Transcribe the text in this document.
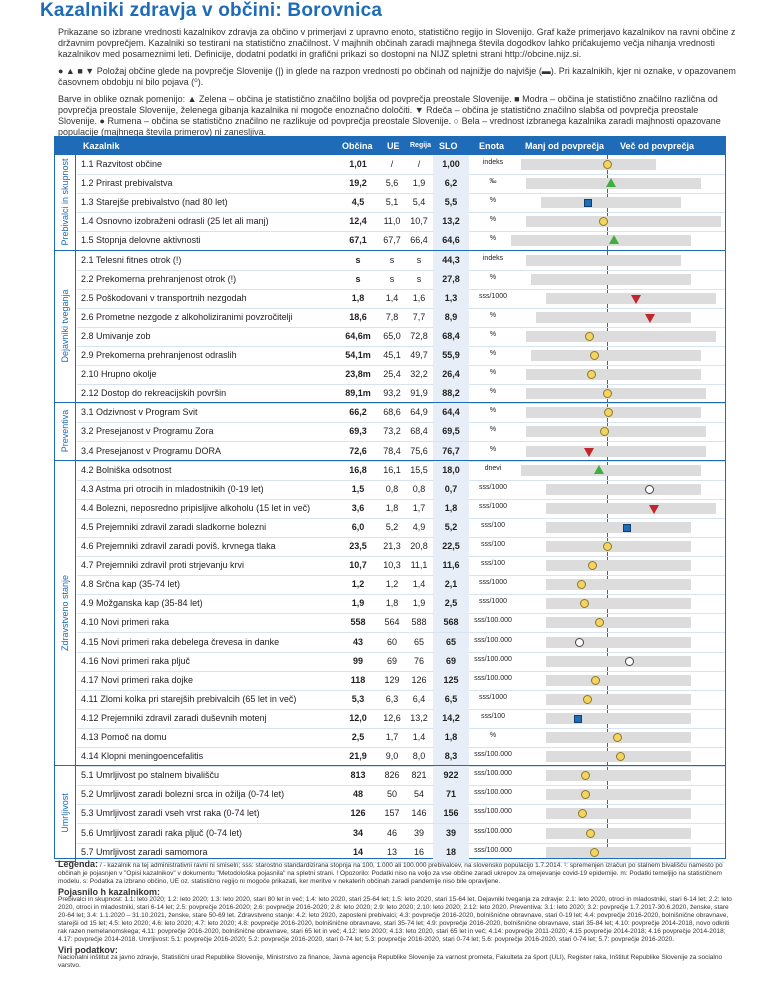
Kazalniki zdravja v občini: Borovnica

Prikazane so izbrane vrednosti kazalnikov zdravja za občino v primerjavi z upravno enoto, statistično regijo in Slovenijo. Graf kaže primerjavo kazalnikov na ravni občine z državnim povprečjem. Kazalniki so testirani na statistično značilnost. V majhnih občinah zaradi majhnega števila dogodkov lahko pričakujemo večja nihanja vrednosti kazalnikov med posameznimi leti. Definicije, dodatni podatki in grafični prikazi so dostopni na NIJZ spletni strani http://obcine.nijz.si.

● ▲ ■ ▼ Položaj občine glede na povprečje Slovenije (|) in glede na razpon vrednosti po občinah od najnižje do najvišje (▬). Pri kazalnikih, kjer ni oznake, v opazovanem časovnem obdobju ni bilo pojava (⁰).

Barve in oblike oznak pomenijo: ▲ Zelena – občina je statistično značilno boljša od povprečja preostale Slovenije. ■ Modra – občina je statistično značilno različna od povprečja preostale Slovenije, želenega gibanja kazalnika ni mogoče enoznačno določiti. ▼ Rdeča – občina je statistično značilno slabša od povprečja preostale Slovenije. ● Rumena – občina se statistično značilno ne razlikuje od povprečja preostale Slovenije. ○ Bela – vrednost izbranega kazalnika zaradi majhnosti opazovane populacije (majhnega števila primerov) ni zanesljiva.

Kazalnik	Občina UE Regija SLO Enota Manj od povprečja Več od povprečja
1.1 Razvitost občine	1,01	/	/	1,00	indeks
1.2 Prirast prebivalstva	19,2	5,6	1,9	6,2	‰
1.3 Starejše prebivalstvo (nad 80 let)	4,5	5,1	5,4	5,5	%
1.4 Osnovno izobraženi odrasli (25 let ali manj)	12,4	11,0	10,7	13,2	%
1.5 Stopnja delovne aktivnosti	67,1	67,7	66,4	64,6	%
Prebivalci in skupnost
2.1 Telesni fitnes otrok (!)	s	s	s	44,3	indeks
2.2 Prekomerna prehranjenost otrok (!)	s	s	s	27,8	%
2.5 Poškodovani v transportnih nezgodah	1,8	1,4	1,6	1,3	sss/1000
2.6 Prometne nezgode z alkoholiziranimi povzročitelji	18,6	7,8	7,7	8,9	%
2.8 Umivanje zob	64,6m	65,0	72,8	68,4	%
2.9 Prekomerna prehranjenost odraslih	54,1m	45,1	49,7	55,9	%
2.10 Hrupno okolje	23,8m	25,4	32,2	26,4	%
2.12 Dostop do rekreacijskih površin	89,1m	93,2	91,9	88,2	%
Dejavniki tveganja
3.1 Odzivnost v Program Svit	66,2	68,6	64,9	64,4	%
3.2 Presejanost v Programu Zora	69,3	73,2	68,4	69,5	%
3.4 Presejanost v Programu DORA	72,6	78,4	75,6	76,7	%
Preventiva
4.2 Bolniška odsotnost	16,8	16,1	15,5	18,0	dnevi
4.3 Astma pri otrocih in mladostnikih (0-19 let)	1,5	0,8	0,8	0,7	sss/1000
4.4 Bolezni, neposredno pripisljive alkoholu (15 let in več)	3,6	1,8	1,7	1,8	sss/1000
4.5 Prejemniki zdravil zaradi sladkorne bolezni	6,0	5,2	4,9	5,2	sss/100
4.6 Prejemniki zdravil zaradi poviš. krvnega tlaka	23,5	21,3	20,8	22,5	sss/100
4.7 Prejemniki zdravil proti strjevanju krvi	10,7	10,3	11,1	11,6	sss/100
4.8 Srčna kap (35-74 let)	1,2	1,2	1,4	2,1	sss/1000
4.9 Možganska kap (35-84 let)	1,9	1,8	1,9	2,5	sss/1000
4.10 Novi primeri raka	558	564	588	568	sss/100.000
4.15 Novi primeri raka debelega črevesa in danke	43	60	65	65	sss/100.000
4.16 Novi primeri raka pljuč	99	69	76	69	sss/100.000
4.17 Novi primeri raka dojke	118	129	126	125	sss/100.000
4.11 Zlomi kolka pri starejših prebivalcih (65 let in več)	5,3	6,3	6,4	6,5	sss/1000
4.12 Prejemniki zdravil zaradi duševnih motenj	12,0	12,6	13,2	14,2	sss/100
4.13 Pomoč na domu	2,5	1,7	1,4	1,8	%
4.14 Klopni meningoencefalitis	21,9	9,0	8,0	8,3	sss/100.000
Zdravstveno stanje
5.1 Umrljivost po stalnem bivališču	813	826	821	922	sss/100.000
5.2 Umrljivost zaradi bolezni srca in ožilja (0-74 let)	48	50	54	71	sss/100.000
5.3 Umrljivost zaradi vseh vrst raka (0-74 let)	126	157	146	156	sss/100.000
5.6 Umrljivost zaradi raka pljuč (0-74 let)	34	46	39	39	sss/100.000
5.7 Umrljivost zaradi samomora	14	13	16	18	sss/100.000
Umrljivost
Legenda: / - kazalnik na tej administrativni ravni ni smiseln; sss: starostno standardizirana stopnja na 100, 1.000 ali 100.000 prebivalcev, na slovensko populacijo 1.7.2014. ¹: spremenjen izračun po stalnem bivališču namesto po občinah je pojasnjen v "Opisi kazalnikov" v dokumentu "Metodološka pojasnila" na spletni strani. ! Opozorilo: Podatki niso na voljo za vse občine zaradi ukrepov za omejevanje covid-19 epidemije. m: Podatki temeljijo na statističnem modelu. s: Podatka za izbrano občino, UE oz. statistično regijo ni mogoče prikazati, ker meritve v nekaterih občinah zaradi pandemije niso bile opravljene.
Pojasnilo h kazalnikom:
Prebivalci in skupnost: 1.1: leto 2020; 1.2: leto 2020; 1.3: leto 2020, stari 80 let in več; 1.4: leto 2020, stari 25-64 let; 1.5: leto 2020, stari 15-64 let. Dejavniki tveganja za zdravje: 2.1: leto 2020, otroci in mladostniki, stari 6-14 let; 2.2: leto 2020, otroci in mladostniki, stari 6-14 let; 2.5: povprečje 2016-2020; 2.6: povprečje 2016-2020; 2.8: leto 2020; 2.9: leto 2020; 2.10: leto 2020; 2.12: leto 2020. Preventiva: 3.1: leto 2020; 3.2: povprečje 1.7.2017-30.6.2020, ženske, stare 20-64 let; 3.4: 1.1.2020 – 31.10.2021, ženske, stare 50-69 let. Zdravstveno stanje: 4.2: leto 2020, zaposleni prebivalci; 4.3: povprečje 2016-2020, bolnišnične obravnave, stari 0-19 let; 4.4: povprečje 2016-2020, bolnišnične obravnave, starejši od 15 let; 4.5: leto 2020; 4.6: leto 2020; 4.7: leto 2020; 4.8: povprečje 2016-2020, bolnišnične obravnave, stari 35-74 let; 4.9: povprečje 2016-2020, bolnišnične obravnave, stari 35-84 let; 4.10: povprečje 2014-2018, novo odkriti rak razen nemelanomskega; 4.11: povprečje 2016-2020, bolnišnične obravnave, stari 65 let in več; 4.12: leto 2020; 4.13: leto 2020, stari 65 let in več; 4.14: povprečje 2011-2020; 4.15 povprečje 2014-2018; 4.16 povprečje 2014-2018; 4.17: povprečje 2014-2018. Umrljivost: 5.1: povprečje 2016-2020; 5.2: povprečje 2016-2020, stari 0-74 let; 5.3: povprečje 2016-2020, stari 0-74 let; 5.6: povprečje 2016-2020, stari 0-74 let; 5.7: povprečje 2016-2020.
Viri podatkov:
Nacionalni inštitut za javno zdravje, Statistični urad Republike Slovenije, Ministrstvo za finance, Javna agencija Republike Slovenije za varnost prometa, Fakulteta za šport (ULI), Register raka, Inštitut Republike Slovenije za socialno varstvo.
